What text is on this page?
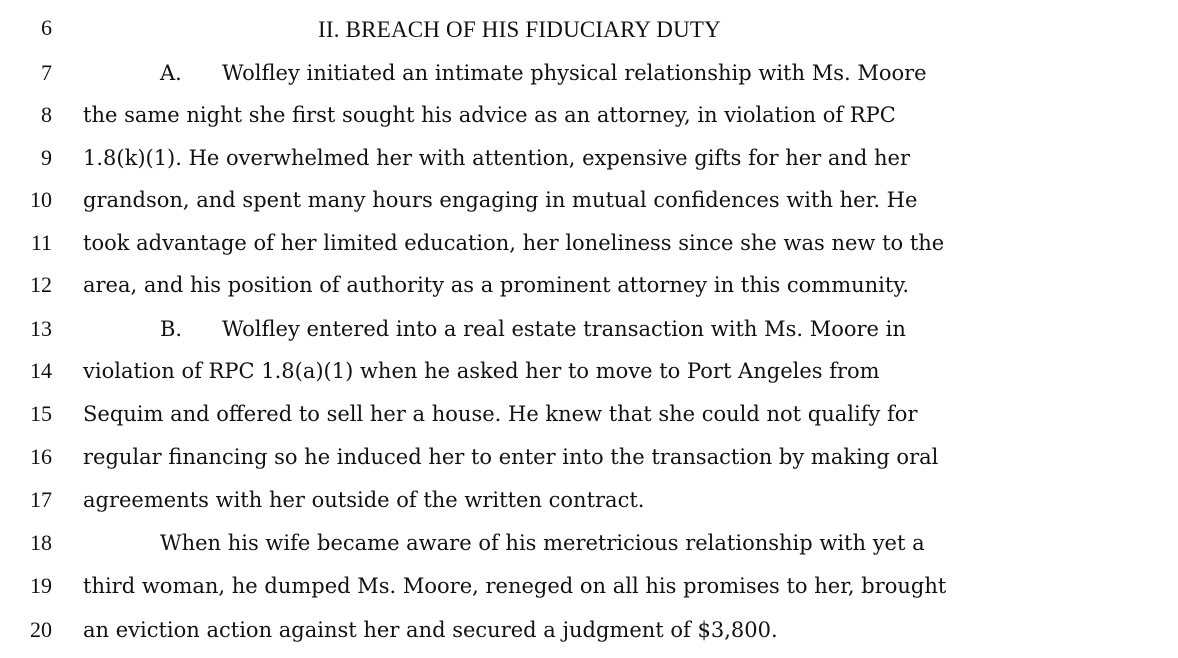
6
7
8
9
10
11
12
13
14
15
16
17
18
19
20
II. BREACH OF HIS FIDUCIARY DUTY
A. Wolfley initiated an intimate physical relationship with Ms. Moore
the same night she first sought his advice as an attorney, in violation of RPC
1.8(k)(1). He overwhelmed her with attention, expensive gifts for her and her
grandson, and spent many hours engaging in mutual confidences with her. He
took advantage of her limited education, her loneliness since she was new to the
area, and his position of authority as a prominent attorney in this community.
B. Wolfley entered into a real estate transaction with Ms. Moore in
violation of RPC 1.8(a)(1) when he asked her to move to Port Angeles from
Sequim and offered to sell her a house. He knew that she could not qualify for
regular financing so he induced her to enter into the transaction by making oral
agreements with her outside of the written contract.
When his wife became aware of his meretricious relationship with yet a
third woman, he dumped Ms. Moore, reneged on all his promises to her, brought
an eviction action against her and secured a judgment of $3,800.
